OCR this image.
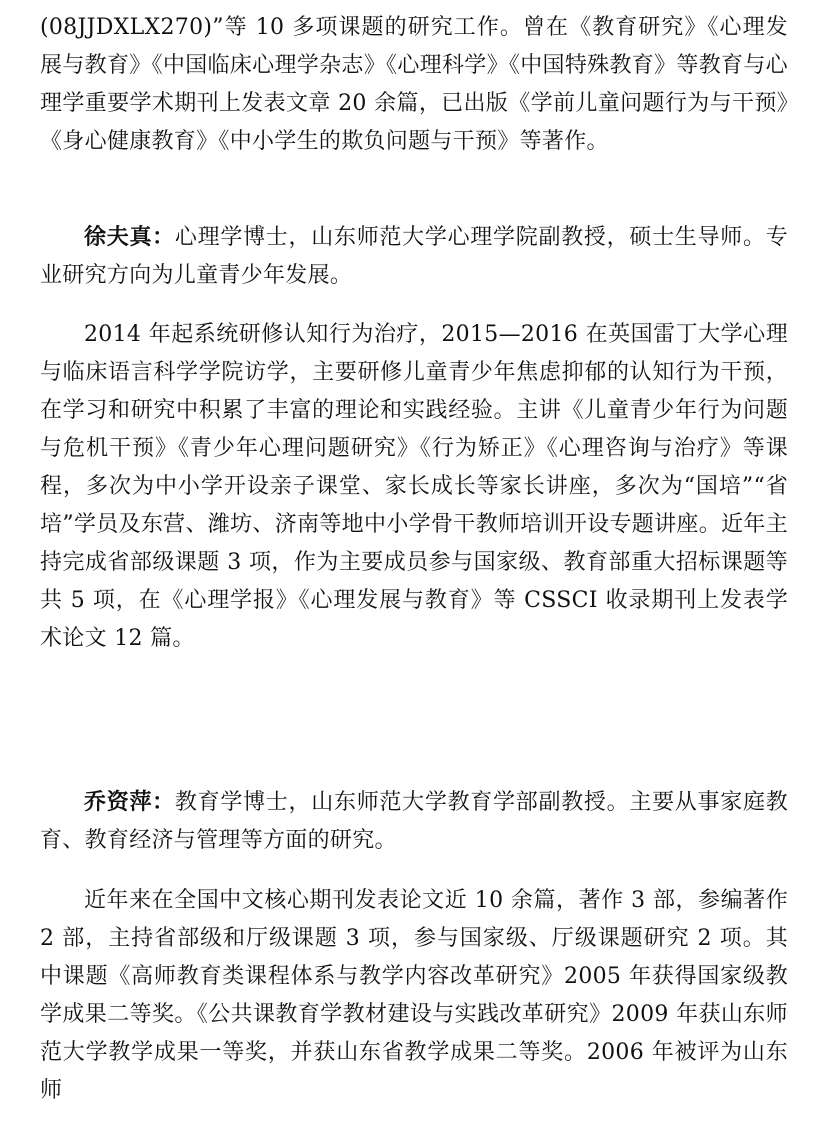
(08JJDXLX270)”等 10 多项课题的研究工作。曾在《教育研究》《心理发展与教育》《中国临床心理学杂志》《心理科学》《中国特殊教育》等教育与心理学重要学术期刊上发表文章 20 余篇，已出版《学前儿童问题行为与干预》《身心健康教育》《中小学生的欺负问题与干预》等著作。

徐夫真：心理学博士，山东师范大学心理学院副教授，硕士生导师。专业研究方向为儿童青少年发展。

2014 年起系统研修认知行为治疗，2015—2016 在英国雷丁大学心理与临床语言科学学院访学，主要研修儿童青少年焦虑抑郁的认知行为干预，在学习和研究中积累了丰富的理论和实践经验。主讲《儿童青少年行为问题与危机干预》《青少年心理问题研究》《行为矫正》《心理咨询与治疗》等课程，多次为中小学开设亲子课堂、家长成长等家长讲座，多次为“国培”“省培”学员及东营、潍坊、济南等地中小学骨干教师培训开设专题讲座。近年主持完成省部级课题 3 项，作为主要成员参与国家级、教育部重大招标课题等共 5 项，在《心理学报》《心理发展与教育》等 CSSCI 收录期刊上发表学术论文 12 篇。

乔资萍：教育学博士，山东师范大学教育学部副教授。主要从事家庭教育、教育经济与管理等方面的研究。

近年来在全国中文核心期刊发表论文近 10 余篇，著作 3 部，参编著作 2 部，主持省部级和厅级课题 3 项，参与国家级、厅级课题研究 2 项。其中课题《高师教育类课程体系与教学内容改革研究》2005 年获得国家级教学成果二等奖。《公共课教育学教材建设与实践改革研究》2009 年获山东师范大学教学成果一等奖，并获山东省教学成果二等奖。2006 年被评为山东师
